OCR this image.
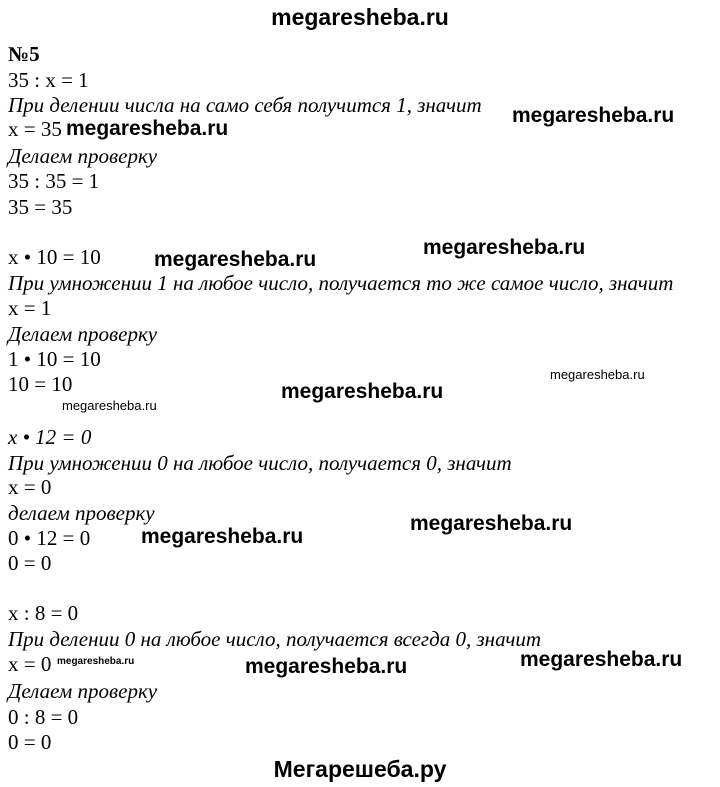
megaresheba.ru
№5
35 : x = 1
При делении числа на само себя получится 1, значит
x = 35
Делаем проверку
35 : 35 = 1
35 = 35
x • 10 = 10
При умножении 1 на любое число, получается то же самое число, значит
x = 1
Делаем проверку
1 • 10 = 10
10 = 10
x • 12 = 0
При умножении 0 на любое число, получается 0, значит
x = 0
делаем проверку
0 • 12 = 0
0 = 0
x : 8 = 0
При делении 0 на любое число, получается всегда 0, значит
x = 0
Делаем проверку
0 : 8 = 0
0 = 0
megaresheba.ru
megaresheba.ru
megaresheba.ru
megaresheba.ru
megaresheba.ru
megaresheba.ru
megaresheba.ru
megaresheba.ru
megaresheba.ru
megaresheba.ru	megaresheba.ru	megaresheba.ru
Мегарешеба.ру
